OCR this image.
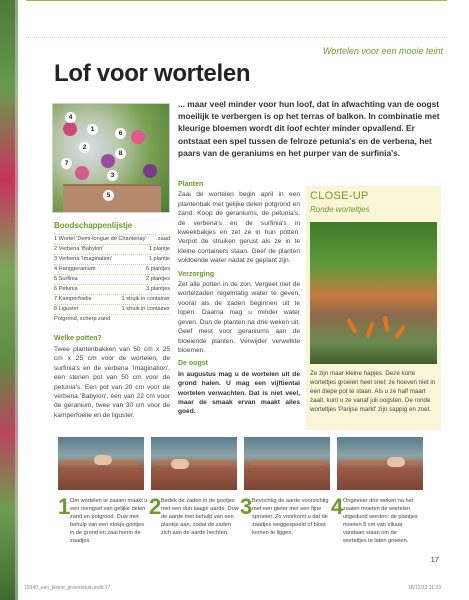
Wortelen voor een mooie teint
Lof voor wortelen

... maar veel minder voor hun loof, dat in afwachting van de oogst moeilijk te verbergen is op het terras of balkon. In combinatie met kleurige bloemen wordt dit loof echter minder opvallend. Er ontstaat een spel tussen de felroze petunia's en de verbena, het paars van de geraniums en het purper van de surfinia's.

4
1
6
2
8
7
3
5
Boodschappenlijstje
1 Wortel 'Demi-longue de Chantenay' zaad
2 Verbena 'Babylon'	1 plantje
3 Verbena 'Imagination'	1 plantje
4 Hanggeranium	6 plantjes
5 Surfinia	2 plantjes
6 Petunia	3 plantjes
7 Kamperfoelie	1 struik in container
8 Liguster	1 struik in container
Potgrond, scherp zand
Welke potten?

Twee plantenbakken van 50 cm x 25 cm x 25 cm voor de wortelen, de surfinia's en de verbena 'Imagination', een stenen pot van 50 cm voor de petunia's. Een pot van 20 cm voor de verbena 'Babylon', één van 22 cm voor de geranium, twee van 30 cm voor de kamperfoelie en de liguster.

Planten

Zaai de wortelen begin april in een plantenbak met gelijke delen potgrond en zand. Koop de geraniums, de petunia's, de verbena's en de surfinia's in kweekbakjes en zet ze in hun potten. Verpot de struiken gerust als ze in te kleine containers staan. Geef de planten voldoende water nadat ze geplant zijn.

Verzorging

Zet alle potten in de zon. Vergeet niet de wortelzaden regelmatig water te geven, vooral als de zaden beginnen uit te lopen. Daarna mag u minder water geven. Dun de planten na drie weken uit. Geef mest voor geraniums aan de bloeiende planten. Verwijder verwelkte bloemen.

De oogst

In augustus mag u de wortelen uit de grond halen. U mag een vijftiental wortelen verwachten. Dat is niet veel, maar de smaak ervan maakt alles goed.

CLOSE-UP
Ronde worteltjes

Ze zijn maar kleine hapjes. Deze korte worteltjes groeien heel snel; ze hoeven niet in een diepe pot te staan. Als u ze half maart zaait, kunt u ze vanaf juli oogsten. De ronde worteltjes 'Parijse markt' zijn sappig en zoet.

1 Om wortelen te zaaien maakt u een mengsel van gelijke delen zand en potgrond. Duw met behulp van een stokje gootjes in de grond en zaai hierin de zaadjes.
2 Bedek de zaden in de gootjes met een dun laagje aarde. Duw de aarde met behulp van een plankje aan, zodat de zaden zich aan de aarde hechten.
3 Bevochtig de aarde voorzichtig met een gieter met een fijne sproeier. Zo voorkomt u dat de zaadjes weggespoeld of bloot komen te liggen.
4 Ongeveer drie weken na het zaaien moeten de wortelen uitgedund worden: de plantjes moeten 5 cm van elkaar vandaan staan om de worteltjes te laten groeien.
17
19340_een_kleine_groentetuin.indd 17	18/12/13 11:23
